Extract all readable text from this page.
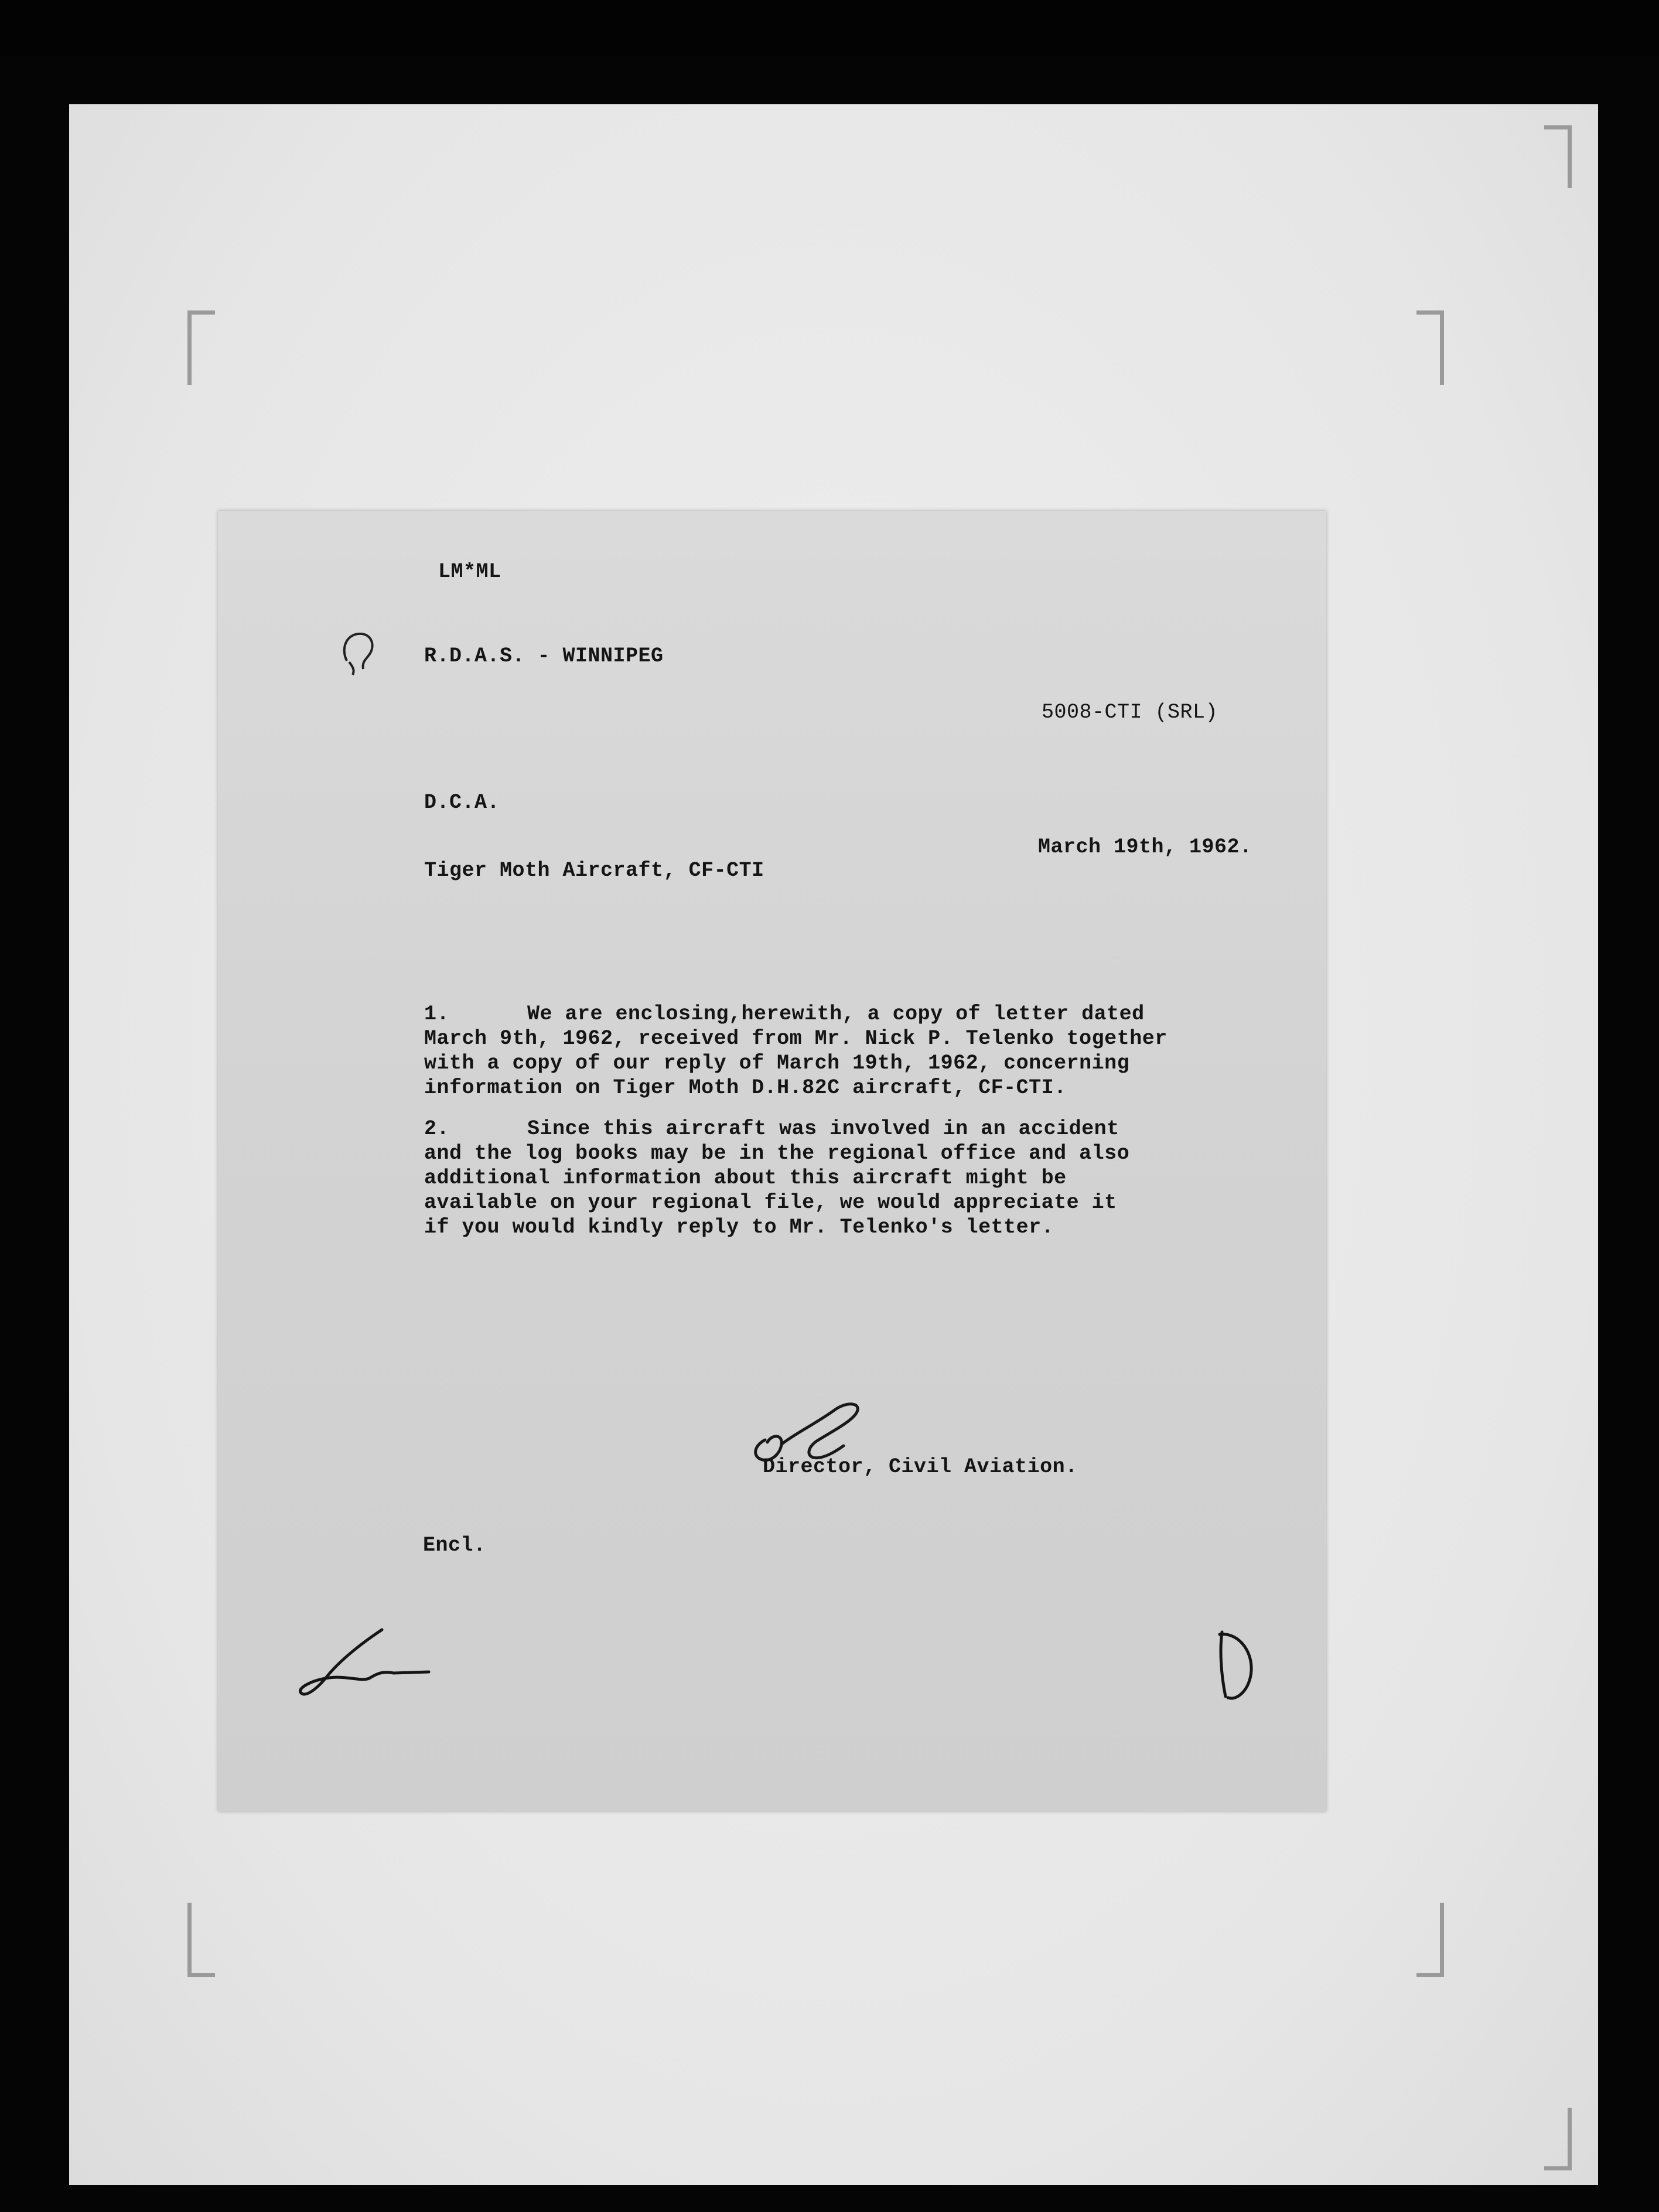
LM*ML
R.D.A.S. - WINNIPEG
5008-CTI (SRL)
D.C.A.
March 19th, 1962.
Tiger Moth Aircraft, CF-CTI
1.	We are enclosing,herewith, a copy of letter dated
March 9th, 1962, received from Mr. Nick P. Telenko together
with a copy of our reply of March 19th, 1962, concerning
information on Tiger Moth D.H.82C aircraft, CF-CTI.
2.	Since this aircraft was involved in an accident
and the log books may be in the regional office and also
additional information about this aircraft might be
available on your regional file, we would appreciate it
if you would kindly reply to Mr. Telenko's letter.
Director, Civil Aviation.
Encl.
